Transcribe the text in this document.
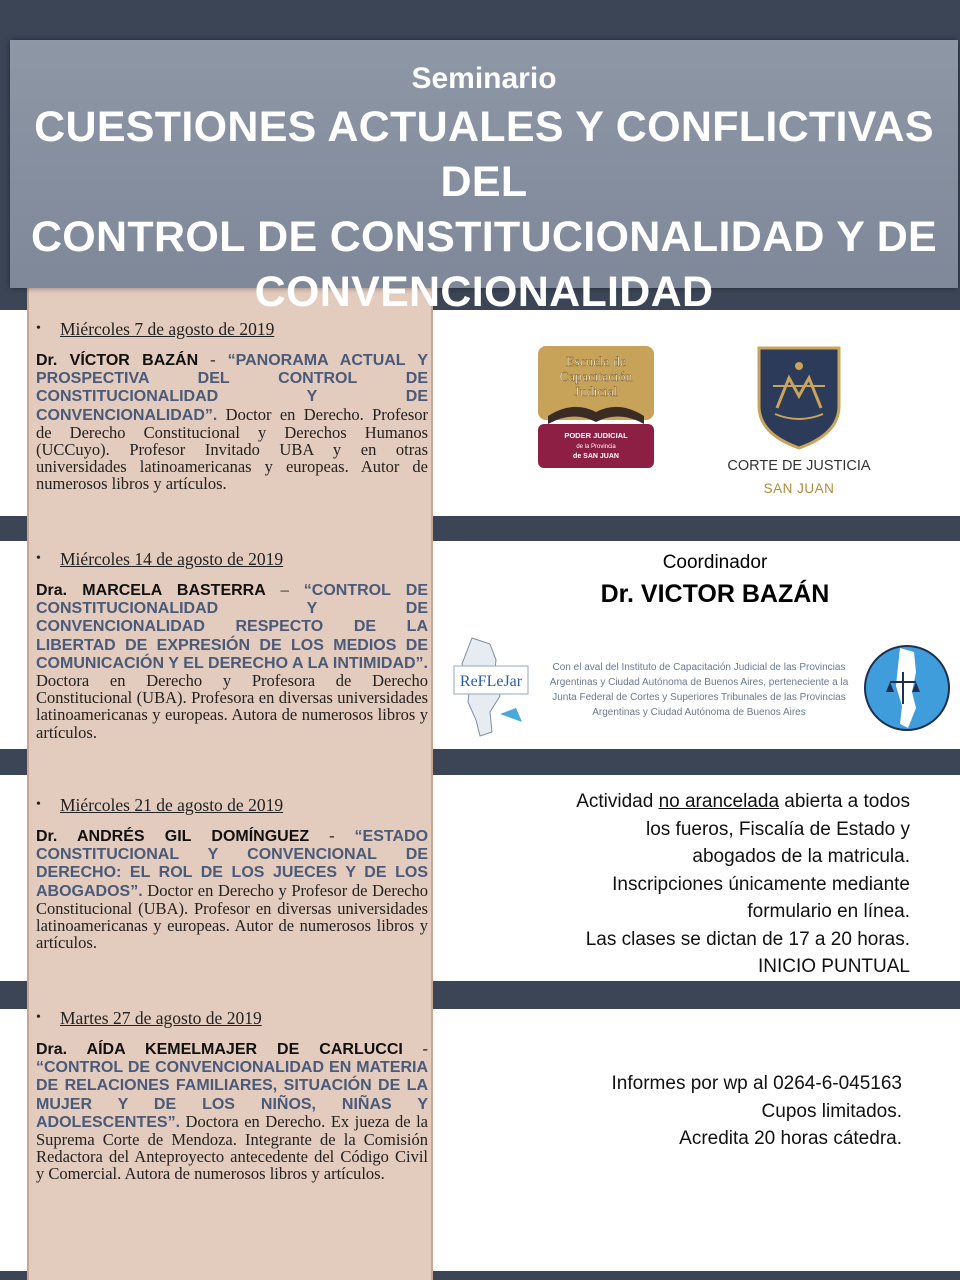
Seminario
CUESTIONES ACTUALES Y CONFLICTIVAS DEL
CONTROL DE CONSTITUCIONALIDAD Y DE
CONVENCIONALIDAD
• Miércoles 7 de agosto de 2019
Dr. VÍCTOR BAZÁN - “PANORAMA ACTUAL Y PROSPECTIVA DEL CONTROL DE CONSTITUCIONALIDAD Y DE CONVENCIONALIDAD”. Doctor en Derecho. Profesor de Derecho Constitucional y Derechos Humanos (UCCuyo). Profesor Invitado UBA y en otras universidades latinoamericanas y europeas. Autor de numerosos libros y artículos.
• Miércoles 14 de agosto de 2019
Dra. MARCELA BASTERRA – “CONTROL DE CONSTITUCIONALIDAD Y DE CONVENCIONALIDAD RESPECTO DE LA LIBERTAD DE EXPRESIÓN DE LOS MEDIOS DE COMUNICACIÓN Y EL DERECHO A LA INTIMIDAD”. Doctora en Derecho y Profesora de Derecho Constitucional (UBA). Profesora en diversas universidades latinoamericanas y europeas. Autora de numerosos libros y artículos.
• Miércoles 21 de agosto de 2019
Dr. ANDRÉS GIL DOMÍNGUEZ - “ESTADO CONSTITUCIONAL Y CONVENCIONAL DE DERECHO: EL ROL DE LOS JUECES Y DE LOS ABOGADOS”. Doctor en Derecho y Profesor de Derecho Constitucional (UBA). Profesor en diversas universidades latinoamericanas y europeas. Autor de numerosos libros y artículos.
• Martes 27 de agosto de 2019
Dra. AÍDA KEMELMAJER DE CARLUCCI - “CONTROL DE CONVENCIONALIDAD EN MATERIA DE RELACIONES FAMILIARES, SITUACIÓN DE LA MUJER Y DE LOS NIÑOS, NIÑAS Y ADOLESCENTES”. Doctora en Derecho. Ex jueza de la Suprema Corte de Mendoza. Integrante de la Comisión Redactora del Anteproyecto antecedente del Código Civil y Comercial. Autora de numerosos libros y artículos.
Escuela de
Capacitación
Judicial
PODER JUDICIAL
de la Provincia
de SAN JUAN
CORTE DE JUSTICIA
SAN JUAN
Coordinador
Dr. VICTOR BAZÁN
ReFLeJar
Con el aval del Instituto de Capacitación Judicial de las Provincias
Argentinas y Ciudad Autónoma de Buenos Aires, perteneciente a la
Junta Federal de Cortes y Superiores Tribunales de las Provincias
Argentinas y Ciudad Autónoma de Buenos Aires
Actividad no arancelada abierta a todos
los fueros, Fiscalía de Estado y
abogados de la matricula.
Inscripciones únicamente mediante
formulario en línea.
Las clases se dictan de 17 a 20 horas.
INICIO PUNTUAL
Informes por wp al 0264-6-045163
Cupos limitados.
Acredita 20 horas cátedra.
